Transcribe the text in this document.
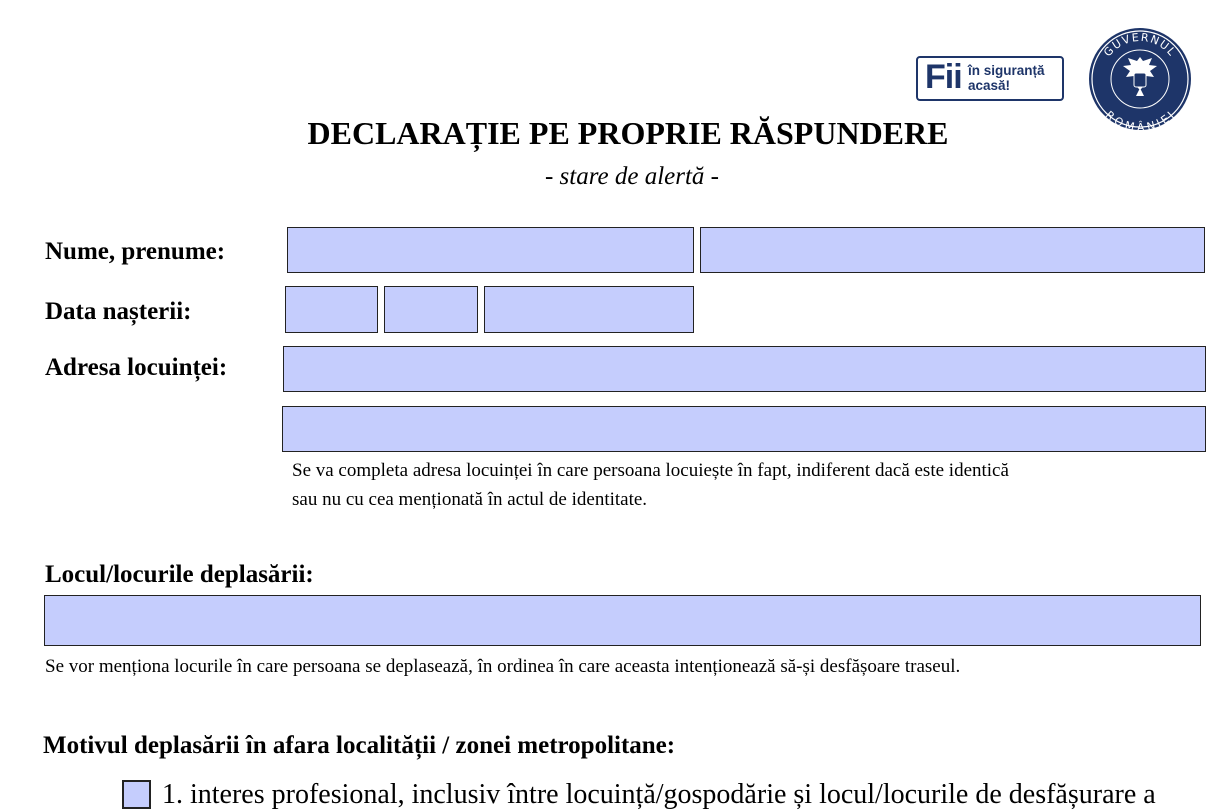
Fii în siguranță
acasă!
GUVERNUL
ROMÂNIEI
DECLARAȚIE PE PROPRIE RĂSPUNDERE
- stare de alertă -
Nume, prenume:
Data nașterii:
Adresa locuinței:
Se va completa adresa locuinței în care persoana locuiește în fapt, indiferent dacă este identică
sau nu cu cea menționată în actul de identitate.
Locul/locurile deplasării:
Se vor menționa locurile în care persoana se deplasează, în ordinea în care aceasta intenționează să-și desfășoare traseul.
Motivul deplasării în afara localității / zonei metropolitane:
1. interes profesional, inclusiv între locuință/gospodărie și locul/locurile de desfășurare a
